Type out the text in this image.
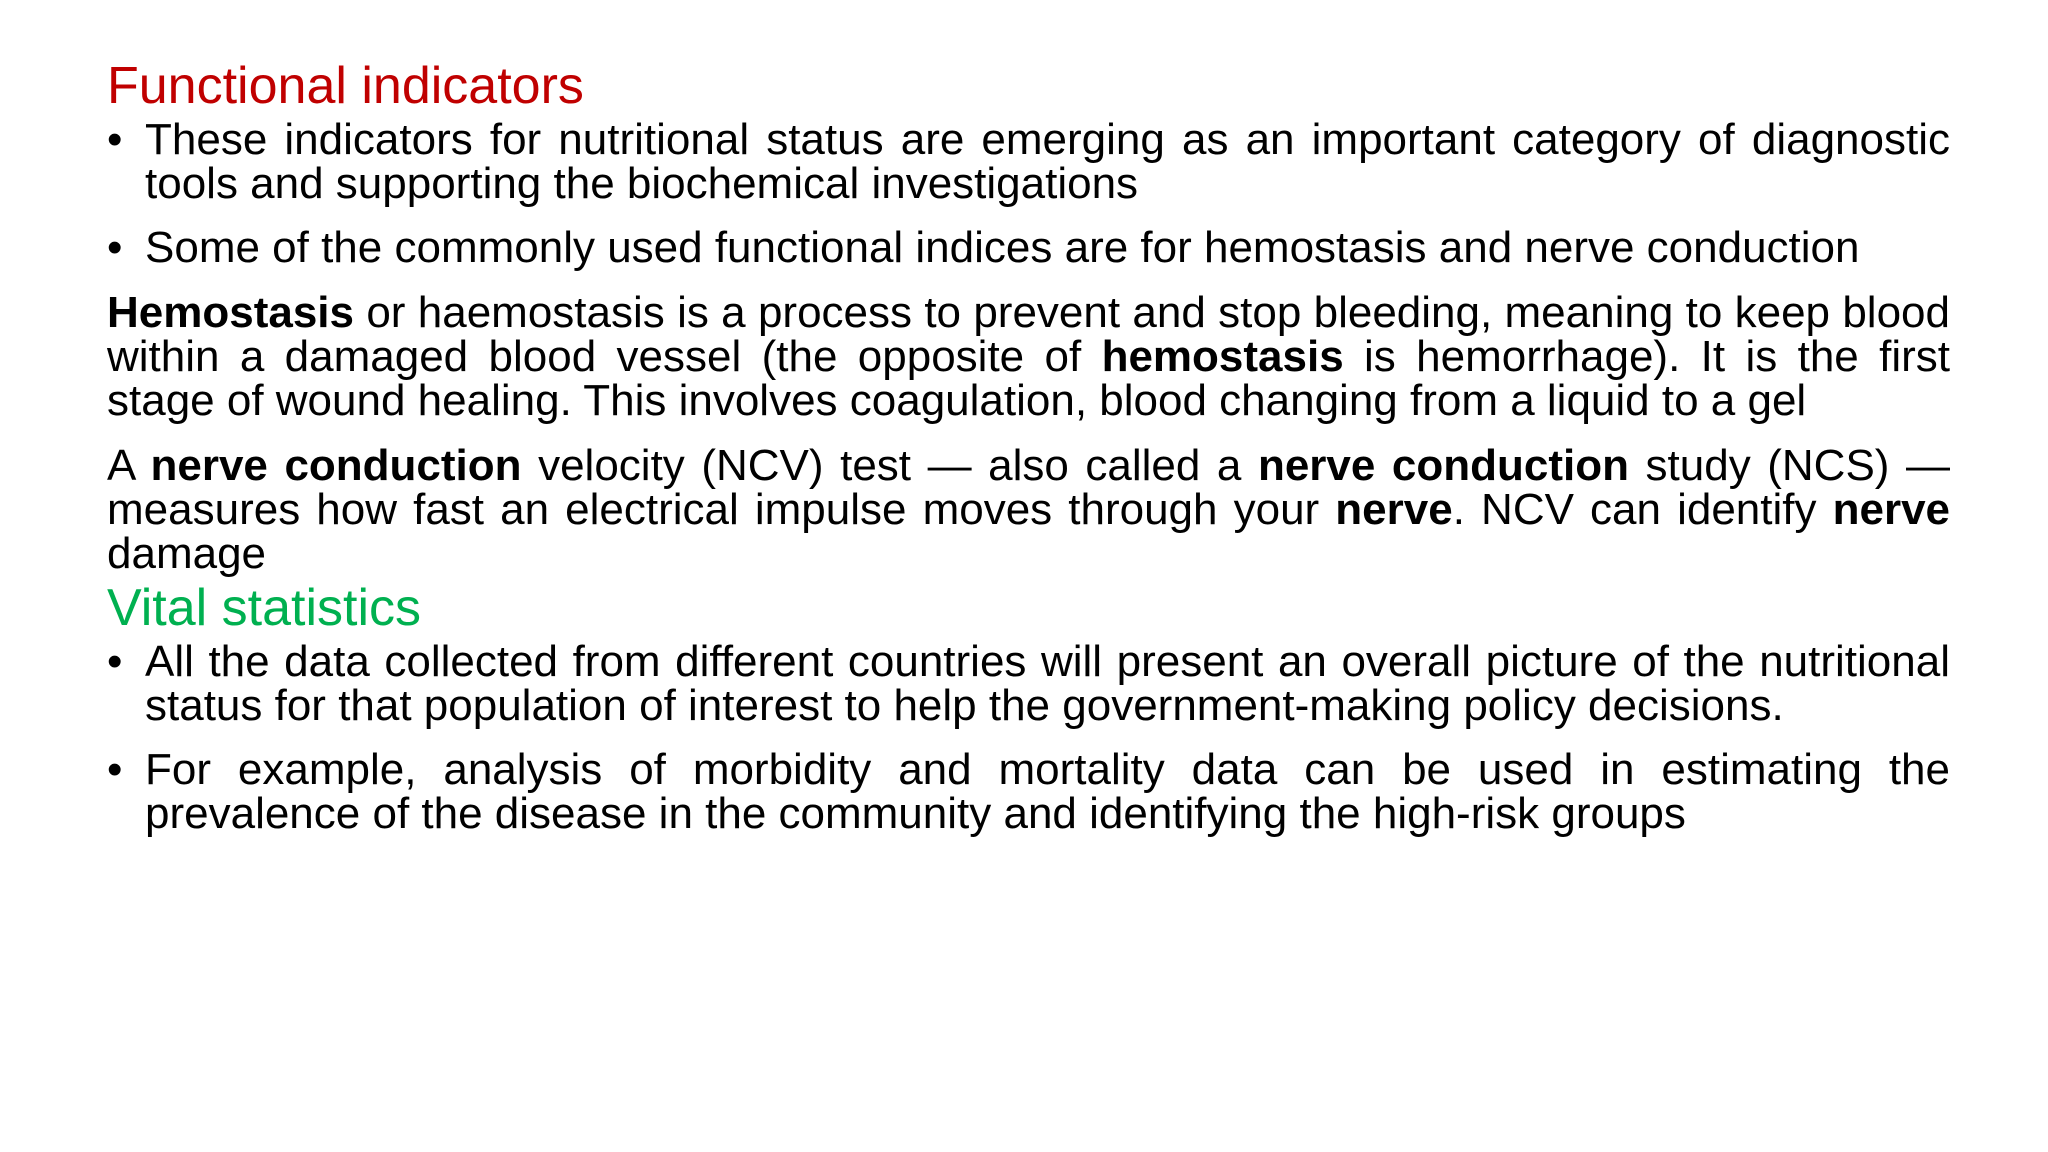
Functional indicators
• These indicators for nutritional status are emerging as an important category of diagnostic tools and supporting the biochemical investigations
• Some of the commonly used functional indices are for hemostasis and nerve conduction

Hemostasis or haemostasis is a process to prevent and stop bleeding, meaning to keep blood within a damaged blood vessel (the opposite of hemostasis is hemorrhage). It is the first stage of wound healing. This involves coagulation, blood changing from a liquid to a gel

A nerve conduction velocity (NCV) test — also called a nerve conduction study (NCS) — measures how fast an electrical impulse moves through your nerve. NCV can identify nerve damage

Vital statistics
• All the data collected from different countries will present an overall picture of the nutritional status for that population of interest to help the government-making policy decisions.
• For example, analysis of morbidity and mortality data can be used in estimating the prevalence of the disease in the community and identifying the high-risk groups
